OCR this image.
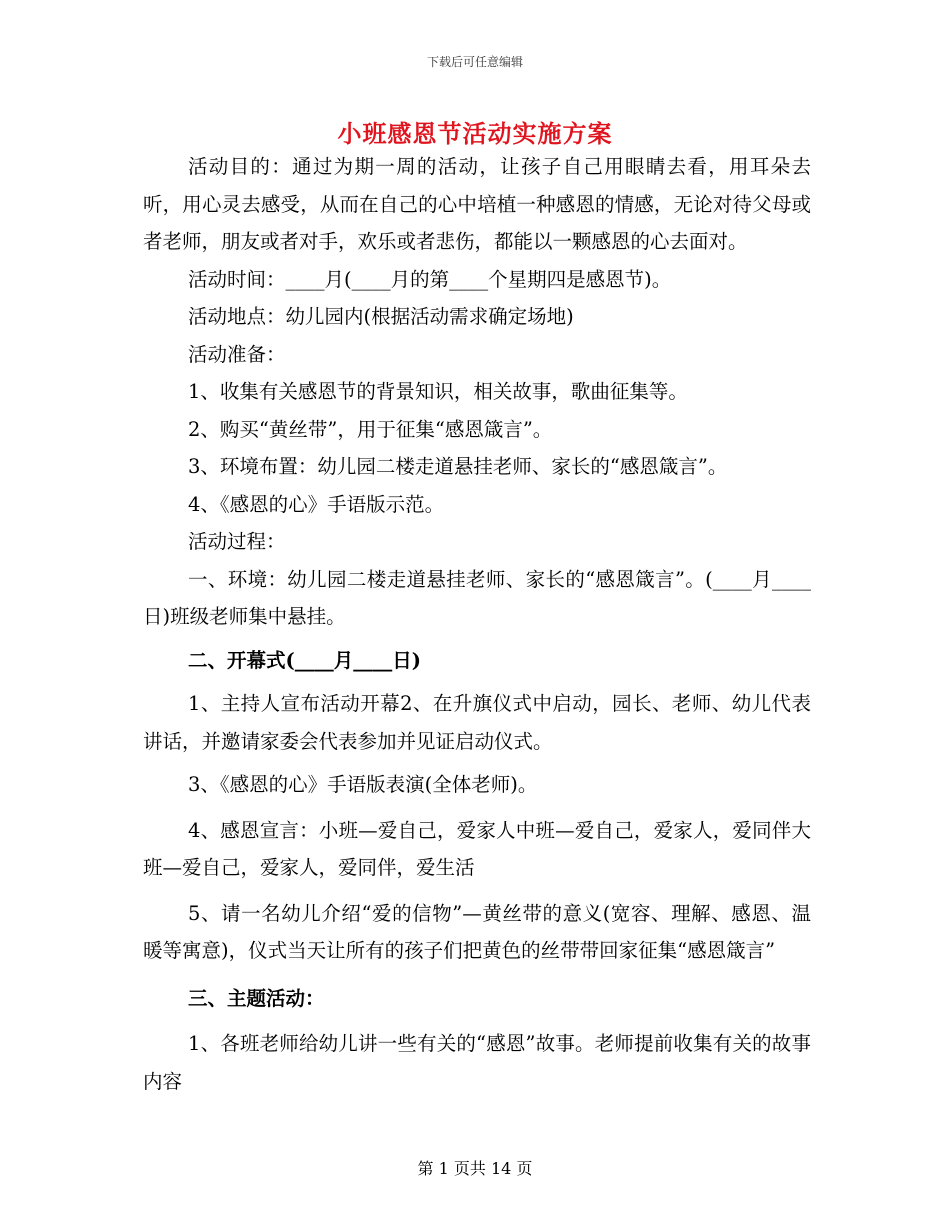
下载后可任意编辑
小班感恩节活动实施方案

活动目的：通过为期一周的活动，让孩子自己用眼睛去看，用耳朵去听，用心灵去感受，从而在自己的心中培植一种感恩的情感，无论对待父母或者老师，朋友或者对手，欢乐或者悲伤，都能以一颗感恩的心去面对。

活动时间：____月(____月的第____个星期四是感恩节)。

活动地点：幼儿园内(根据活动需求确定场地)

活动准备：

1、收集有关感恩节的背景知识，相关故事，歌曲征集等。

2、购买“黄丝带”，用于征集“感恩箴言”。

3、环境布置：幼儿园二楼走道悬挂老师、家长的“感恩箴言”。

4、《感恩的心》手语版示范。

活动过程：

一、环境：幼儿园二楼走道悬挂老师、家长的“感恩箴言”。(____月____日)班级老师集中悬挂。

二、开幕式(____月____日)

1、主持人宣布活动开幕2、在升旗仪式中启动，园长、老师、幼儿代表讲话，并邀请家委会代表参加并见证启动仪式。

3、《感恩的心》手语版表演(全体老师)。

4、感恩宣言：小班—爱自己，爱家人中班—爱自己，爱家人，爱同伴大班—爱自己，爱家人，爱同伴，爱生活

5、请一名幼儿介绍“爱的信物”—黄丝带的意义(宽容、理解、感恩、温暖等寓意)，仪式当天让所有的孩子们把黄色的丝带带回家征集“感恩箴言”

三、主题活动：

1、各班老师给幼儿讲一些有关的“感恩”故事。老师提前收集有关的故事内容

第 1 页共 14 页
